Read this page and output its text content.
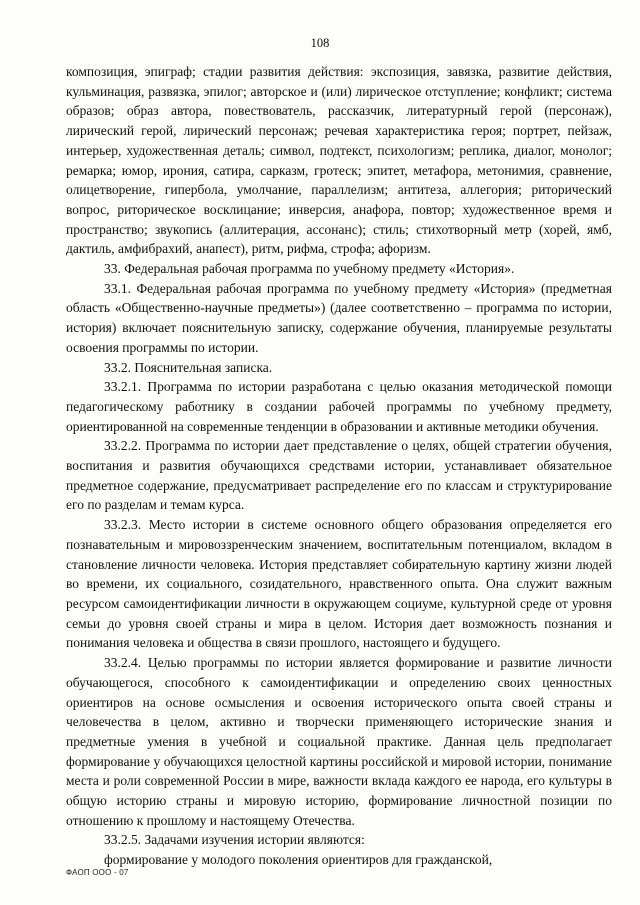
108

композиция, эпиграф; стадии развития действия: экспозиция, завязка, развитие действия, кульминация, развязка, эпилог; авторское и (или) лирическое отступление; конфликт; система образов; образ автора, повествователь, рассказчик, литературный герой (персонаж), лирический герой, лирический персонаж; речевая характеристика героя; портрет, пейзаж, интерьер, художественная деталь; символ, подтекст, психологизм; реплика, диалог, монолог; ремарка; юмор, ирония, сатира, сарказм, гротеск; эпитет, метафора, метонимия, сравнение, олицетворение, гипербола, умолчание, параллелизм; антитеза, аллегория; риторический вопрос, риторическое восклицание; инверсия, анафора, повтор; художественное время и пространство; звукопись (аллитерация, ассонанс); стиль; стихотворный метр (хорей, ямб, дактиль, амфибрахий, анапест), ритм, рифма, строфа; афоризм.

33. Федеральная рабочая программа по учебному предмету «История».

33.1. Федеральная рабочая программа по учебному предмету «История» (предметная область «Общественно-научные предметы») (далее соответственно – программа по истории, история) включает пояснительную записку, содержание обучения, планируемые результаты освоения программы по истории.

33.2. Пояснительная записка.

33.2.1. Программа по истории разработана с целью оказания методической помощи педагогическому работнику в создании рабочей программы по учебному предмету, ориентированной на современные тенденции в образовании и активные методики обучения.

33.2.2. Программа по истории дает представление о целях, общей стратегии обучения, воспитания и развития обучающихся средствами истории, устанавливает обязательное предметное содержание, предусматривает распределение его по классам и структурирование его по разделам и темам курса.

33.2.3. Место истории в системе основного общего образования определяется его познавательным и мировоззренческим значением, воспитательным потенциалом, вкладом в становление личности человека. История представляет собирательную картину жизни людей во времени, их социального, созидательного, нравственного опыта. Она служит важным ресурсом самоидентификации личности в окружающем социуме, культурной среде от уровня семьи до уровня своей страны и мира в целом. История дает возможность познания и понимания человека и общества в связи прошлого, настоящего и будущего.

33.2.4. Целью программы по истории является формирование и развитие личности обучающегося, способного к самоидентификации и определению своих ценностных ориентиров на основе осмысления и освоения исторического опыта своей страны и человечества в целом, активно и творчески применяющего исторические знания и предметные умения в учебной и социальной практике. Данная цель предполагает формирование у обучающихся целостной картины российской и мировой истории, понимание места и роли современной России в мире, важности вклада каждого ее народа, его культуры в общую историю страны и мировую историю, формирование личностной позиции по отношению к прошлому и настоящему Отечества.

33.2.5. Задачами изучения истории являются:

формирование у молодого поколения ориентиров для гражданской,

ФАОП ООО - 07
